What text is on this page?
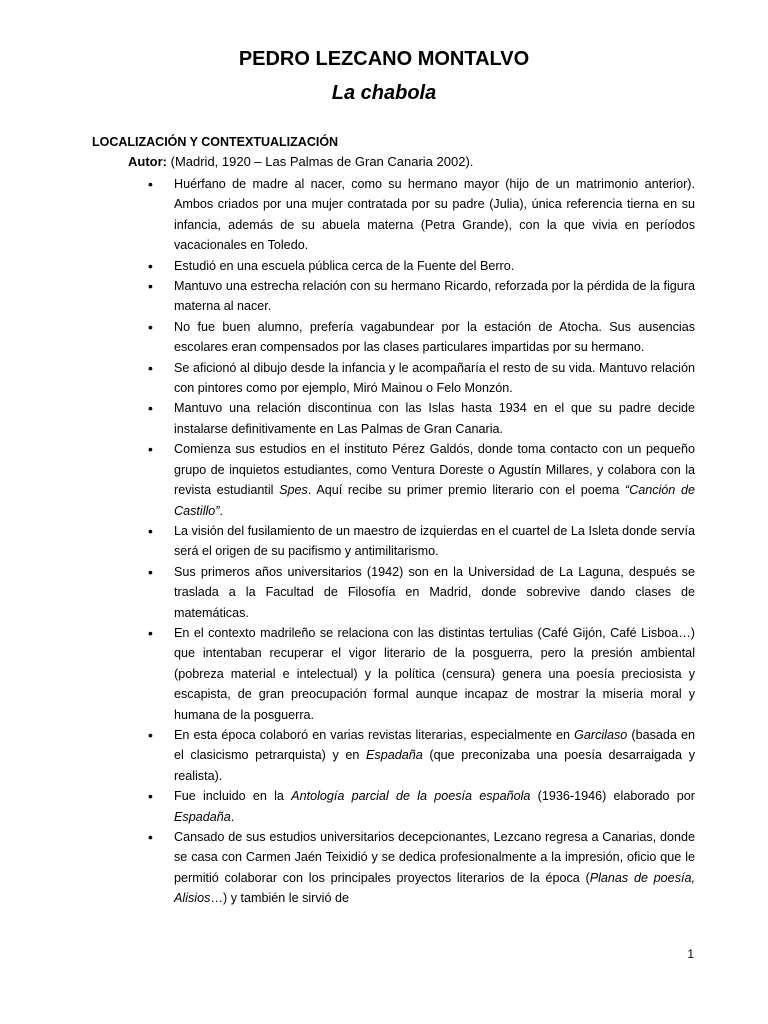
PEDRO LEZCANO MONTALVO
La chabola
LOCALIZACIÓN Y CONTEXTUALIZACIÓN
Autor: (Madrid, 1920 – Las Palmas de Gran Canaria 2002).
• Huérfano de madre al nacer, como su hermano mayor (hijo de un matrimonio anterior). Ambos criados por una mujer contratada por su padre (Julia), única referencia tierna en su infancia, además de su abuela materna (Petra Grande), con la que vivia en períodos vacacionales en Toledo.
• Estudió en una escuela pública cerca de la Fuente del Berro.
• Mantuvo una estrecha relación con su hermano Ricardo, reforzada por la pérdida de la figura materna al nacer.
• No fue buen alumno, prefería vagabundear por la estación de Atocha. Sus ausencias escolares eran compensados por las clases particulares impartidas por su hermano.
• Se aficionó al dibujo desde la infancia y le acompañaría el resto de su vida. Mantuvo relación con pintores como por ejemplo, Miró Mainou o Felo Monzón.
• Mantuvo una relación discontinua con las Islas hasta 1934 en el que su padre decide instalarse definitivamente en Las Palmas de Gran Canaria.
• Comienza sus estudios en el instituto Pérez Galdós, donde toma contacto con un pequeño grupo de inquietos estudiantes, como Ventura Doreste o Agustín Millares, y colabora con la revista estudiantil Spes. Aquí recibe su primer premio literario con el poema “Canción de Castillo”.
• La visión del fusilamiento de un maestro de izquierdas en el cuartel de La Isleta donde servía será el origen de su pacifismo y antimilitarismo.
• Sus primeros años universitarios (1942) son en la Universidad de La Laguna, después se traslada a la Facultad de Filosofía en Madrid, donde sobrevive dando clases de matemáticas.
• En el contexto madrileño se relaciona con las distintas tertulias (Café Gijón, Café Lisboa…) que intentaban recuperar el vigor literario de la posguerra, pero la presión ambiental (pobreza material e intelectual) y la política (censura) genera una poesía preciosista y escapista, de gran preocupación formal aunque incapaz de mostrar la miseria moral y humana de la posguerra.
• En esta época colaboró en varias revistas literarias, especialmente en Garcilaso (basada en el clasicismo petrarquista) y en Espadaña (que preconizaba una poesía desarraigada y realista).
• Fue incluido en la Antología parcial de la poesía española (1936-1946) elaborado por Espadaña.
• Cansado de sus estudios universitarios decepcionantes, Lezcano regresa a Canarias, donde se casa con Carmen Jaén Teixidió y se dedica profesionalmente a la impresión, oficio que le permitió colaborar con los principales proyectos literarios de la época (Planas de poesía, Alisios…) y también le sirvió de
1
